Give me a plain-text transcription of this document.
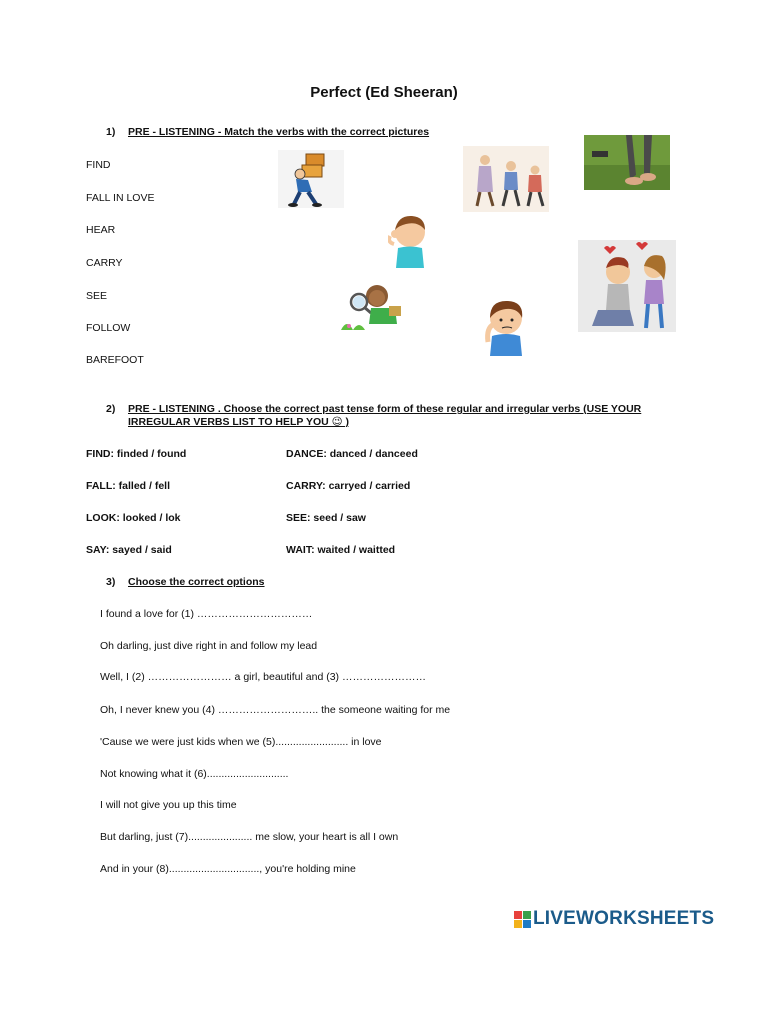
Perfect (Ed Sheeran)
1) PRE - LISTENING - Match the verbs with the correct pictures
FIND
FALL IN LOVE
HEAR
CARRY
SEE
FOLLOW
BAREFOOT
2) PRE - LISTENING . Choose the correct past tense form of these regular and irregular verbs (USE YOUR
IRREGULAR VERBS LIST TO HELP YOU 😉 )
FIND: finded / found
FALL: falled / fell
LOOK: looked / lok
SAY: sayed / said
DANCE: danced / danceed
CARRY: carryed / carried
SEE: seed / saw
WAIT: waited / waitted
3) Choose the correct options
I found a love for (1) ……………………………
Oh darling, just dive right in and follow my lead
Well, I (2) …………………… a girl, beautiful and (3) ……………………
Oh, I never knew you (4) ……………………….. the someone waiting for me
'Cause we were just kids when we (5)......................... in love
Not knowing what it (6)............................
I will not give you up this time
But darling, just (7)...................... me slow, your heart is all I own
And in your (8)..............................., you're holding mine
LIVEWORKSHEETS
